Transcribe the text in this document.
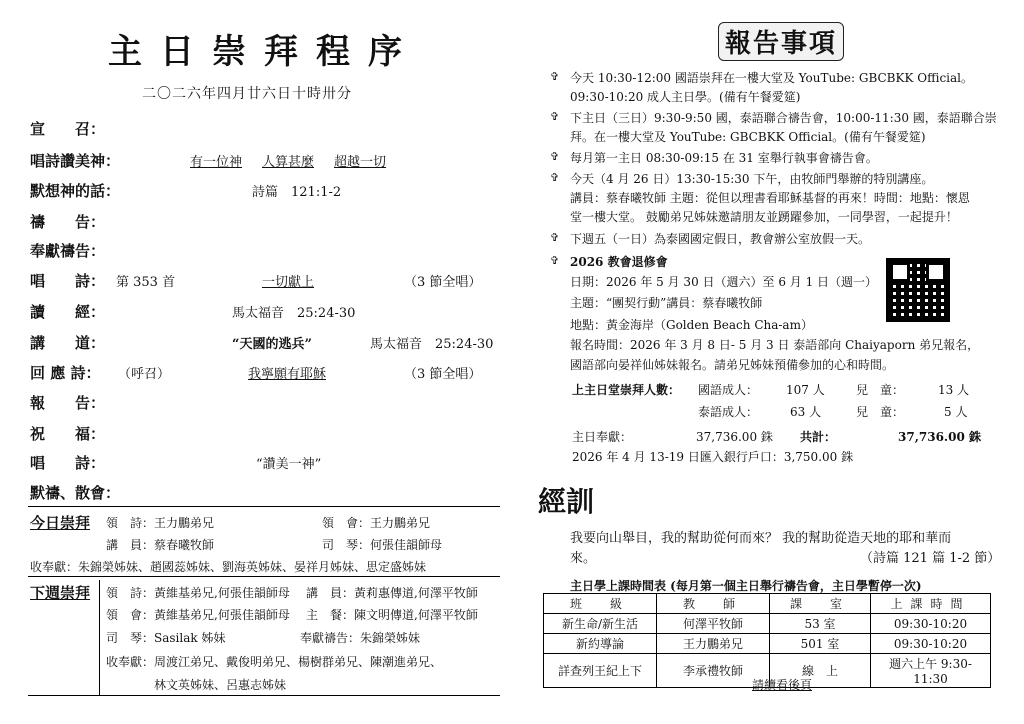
主日崇拜程序
二〇二六年四月廿六日十時卅分
宣　　召：
唱詩讚美神：	有一位神 人算甚麼 超越一切
默想神的話：	詩篇　121:1-2
禱　　告：
奉獻禱告：
唱　　詩： 第 353 首	一切獻上	（3 節全唱）
讀　　經：	馬太福音　25:24-30
講　　道：	“天國的逃兵”	馬太福音　25:24-30
回 應 詩： （呼召）	我寧願有耶穌	（3 節全唱）
報　　告：
祝　　福：
唱　　詩：	“讚美一神”
默禱、散會：
今日崇拜 領　詩：王力鵬弟兄	領　會：王力鵬弟兄
講　員：蔡春曦牧師	司　琴：何張佳韻師母
收奉獻：朱錦榮姊妹、趙國蕊姊妹、劉海英姊妹、晏祥月姊妹、思定盛姊妹
下週崇拜 領　詩：黃維基弟兄,何張佳韻師母 講　員：黃莉惠傳道,何澤平牧師
領　會：黃維基弟兄,何張佳韻師母 主　餐：陳文明傳道,何澤平牧師
司　琴：Sasilak 姊妹	奉獻禱告：朱錦榮姊妹
收奉獻：周渡江弟兄、戴俊明弟兄、楊樹群弟兄、陳潮進弟兄、
林文英姊妹、呂惠志姊妹
報告事項
✞ 今天 10:30-12:00 國語崇拜在一樓大堂及 YouTube: GBCBKK Official。
09:30-10:20 成人主日學。(備有午餐愛筵)
✞ 下主日（三日）9:30-9:50 國，泰語聯合禱告會，10:00-11:30 國，泰語聯合崇
拜。在一樓大堂及 YouTube: GBCBKK Official。(備有午餐愛筵)
✞ 每月第一主日 08:30-09:15 在 31 室舉行執事會禱告會。
✞ 今天（4 月 26 日）13:30-15:30 下午，由牧師門舉辦的特別講座。
講員：蔡春曦牧師 主題：從但以理書看耶穌基督的再來！時間：地點：懷恩
堂一樓大堂。 鼓勵弟兄姊妹邀請朋友並踴躍參加，一同學習，一起提升！
✞ 下週五（一日）為泰國國定假日，教會辦公室放假一天。
✞ 2026 教會退修會
日期：2026 年 5 月 30 日（週六）至 6 月 1 日（週一）
主題：“團契行動”講員：蔡春曦牧師
地點：黃金海岸（Golden Beach Cha-am）
報名時間：2026 年 3 月 8 日- 5 月 3 日 泰語部向 Chaiyaporn 弟兄報名，
國語部向晏祥仙姊妹報名。請弟兄姊妹預備參加的心和時間。
上主日堂崇拜人數： 國語成人： 107 人	兒　童：	13 人
泰語成人：	63 人	兒　童：	5 人
主日奉獻：	37,736.00 銖 共計：	37,736.00 銖
2026 年 4 月 13-19 日匯入銀行戶口：3,750.00 銖
經訓
我要向山舉目，我的幫助從何而來？ 我的幫助從造天地的耶和華而
來。	（詩篇 121 篇 1-2 節）
主日學上課時間表 (每月第一個主日舉行禱告會，主日學暫停一次)
班　級	教　師	課　室	上課時間
新生命/新生活	何澤平牧師	53 室	09:30-10:20
新約導論	王力鵬弟兄	501 室	09:30-10:20
詳查列王紀上下	李承禮牧師	線　上	週六上午 9:30-11:30
請續看後頁
